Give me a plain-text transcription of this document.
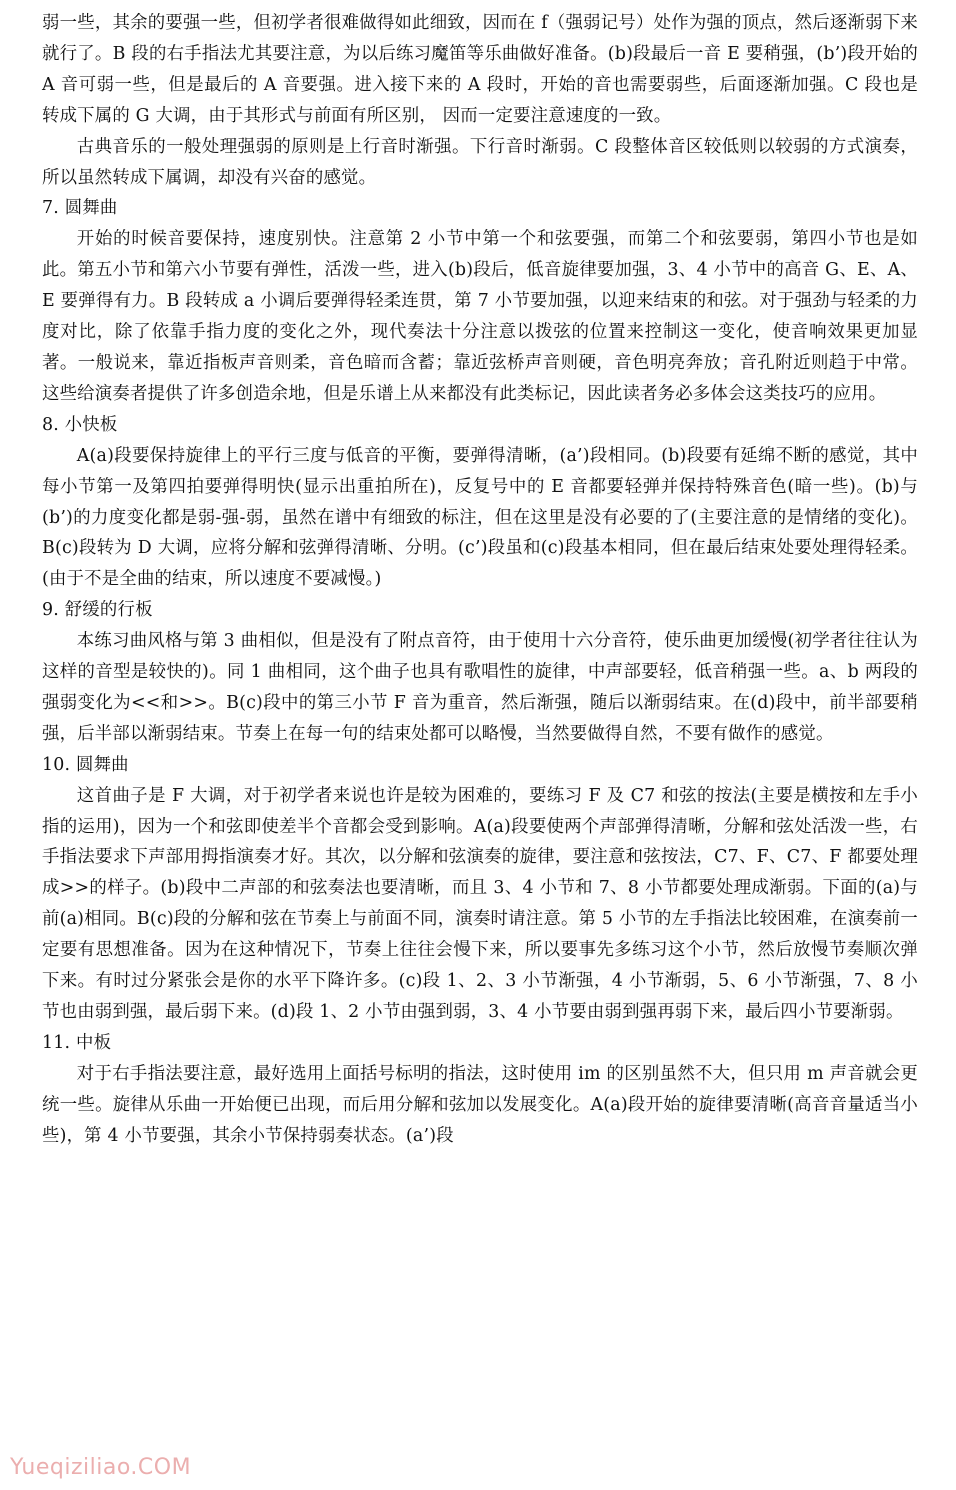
弱一些，其余的要强一些，但初学者很难做得如此细致，因而在 f（强弱记号）处作为强的顶点，然后逐渐弱下来就行了。B 段的右手指法尤其要注意，为以后练习魔笛等乐曲做好准备。(b)段最后一音 E 要稍强，(b’)段开始的 A 音可弱一些，但是最后的 A 音要强。进入接下来的 A 段时，开始的音也需要弱些，后面逐渐加强。C 段也是转成下属的 G 大调，由于其形式与前面有所区别， 因而一定要注意速度的一致。

古典音乐的一般处理强弱的原则是上行音时渐强。下行音时渐弱。C 段整体音区较低则以较弱的方式演奏，所以虽然转成下属调，却没有兴奋的感觉。

7. 圆舞曲

开始的时候音要保持，速度别快。注意第 2 小节中第一个和弦要强，而第二个和弦要弱，第四小节也是如此。第五小节和第六小节要有弹性，活泼一些，进入(b)段后，低音旋律要加强，3、4 小节中的高音 G、E、A、E 要弹得有力。B 段转成 a 小调后要弹得轻柔连贯，第 7 小节要加强，以迎来结束的和弦。对于强劲与轻柔的力度对比，除了依靠手指力度的变化之外，现代奏法十分注意以拨弦的位置来控制这一变化，使音响效果更加显著。一般说来，靠近指板声音则柔，音色暗而含蓄；靠近弦桥声音则硬，音色明亮奔放；音孔附近则趋于中常。这些给演奏者提供了许多创造余地，但是乐谱上从来都没有此类标记，因此读者务必多体会这类技巧的应用。

8. 小快板

A(a)段要保持旋律上的平行三度与低音的平衡，要弹得清晰，(a’)段相同。(b)段要有延绵不断的感觉，其中每小节第一及第四拍要弹得明快(显示出重拍所在)，反复号中的 E 音都要轻弹并保持特殊音色(暗一些)。(b)与(b’)的力度变化都是弱-强-弱，虽然在谱中有细致的标注，但在这里是没有必要的了(主要注意的是情绪的变化)。B(c)段转为 D 大调，应将分解和弦弹得清晰、分明。(c’)段虽和(c)段基本相同，但在最后结束处要处理得轻柔。(由于不是全曲的结束，所以速度不要减慢。)

9. 舒缓的行板

本练习曲风格与第 3 曲相似，但是没有了附点音符，由于使用十六分音符，使乐曲更加缓慢(初学者往往认为这样的音型是较快的)。同 1 曲相同，这个曲子也具有歌唱性的旋律，中声部要轻，低音稍强一些。a、b 两段的强弱变化为<<和>>。B(c)段中的第三小节 F 音为重音，然后渐强，随后以渐弱结束。在(d)段中，前半部要稍强，后半部以渐弱结束。节奏上在每一句的结束处都可以略慢，当然要做得自然，不要有做作的感觉。

10. 圆舞曲

这首曲子是 F 大调，对于初学者来说也许是较为困难的，要练习 F 及 C7 和弦的按法(主要是横按和左手小指的运用)，因为一个和弦即使差半个音都会受到影响。A(a)段要使两个声部弹得清晰，分解和弦处活泼一些，右手指法要求下声部用拇指演奏才好。其次，以分解和弦演奏的旋律，要注意和弦按法，C7、F、C7、F 都要处理成>>的样子。(b)段中二声部的和弦奏法也要清晰，而且 3、4 小节和 7、8 小节都要处理成渐弱。下面的(a)与前(a)相同。B(c)段的分解和弦在节奏上与前面不同，演奏时请注意。第 5 小节的左手指法比较困难，在演奏前一定要有思想准备。因为在这种情况下，节奏上往往会慢下来，所以要事先多练习这个小节，然后放慢节奏顺次弹下来。有时过分紧张会是你的水平下降许多。(c)段 1、2、3 小节渐强，4 小节渐弱，5、6 小节渐强，7、8 小节也由弱到强，最后弱下来。(d)段 1、2 小节由强到弱，3、4 小节要由弱到强再弱下来，最后四小节要渐弱。

11. 中板

对于右手指法要注意，最好选用上面括号标明的指法，这时使用 im 的区别虽然不大，但只用 m 声音就会更统一些。旋律从乐曲一开始便已出现，而后用分解和弦加以发展变化。A(a)段开始的旋律要清晰(高音音量适当小些)，第 4 小节要强，其余小节保持弱奏状态。(a’)段

Yueqiziliao.COM
